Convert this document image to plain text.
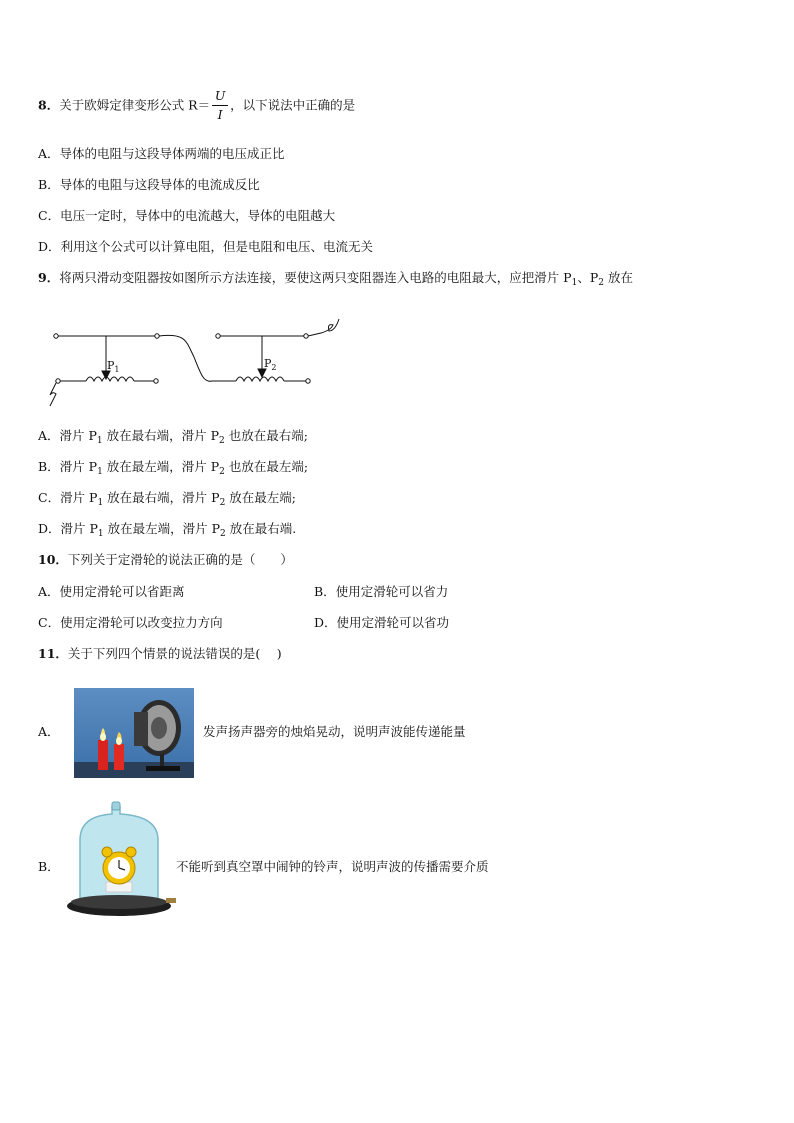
8．关于欧姆定律变形公式 $R= \frac{U}{I}$ ，以下说法中正确的是
A．导体的电阻与这段导体两端的电压成正比
B．导体的电阻与这段导体的电流成反比
C．电压一定时，导体中的电流越大，导体的电阻越大
D．利用这个公式可以计算电阻，但是电阻和电压、电流无关
9．将两只滑动变阻器按如图所示方法连接，要使这两只变阻器连入电路的电阻最大，应把滑片 $P_1$、$P_2$ 放在
$P_1$	$P_2$
A．滑片 $P_1$ 放在最右端，滑片 $P_2$ 也放在最右端;
B．滑片 $P_1$ 放在最左端，滑片 $P_2$ 也放在最左端;
C．滑片 $P_1$ 放在最右端，滑片 $P_2$ 放在最左端;
D．滑片 $P_1$ 放在最左端，滑片 $P_2$ 放在最右端.
10．下列关于定滑轮的说法正确的是（　　）
A．使用定滑轮可以省距离	B．使用定滑轮可以省力
C．使用定滑轮可以改变拉力方向	D．使用定滑轮可以省功
11．关于下列四个情景的说法错误的是(　 )
A．	发声扬声器旁的烛焰晃动，说明声波能传递能量
B．	不能听到真空罩中闹钟的铃声，说明声波的传播需要介质
